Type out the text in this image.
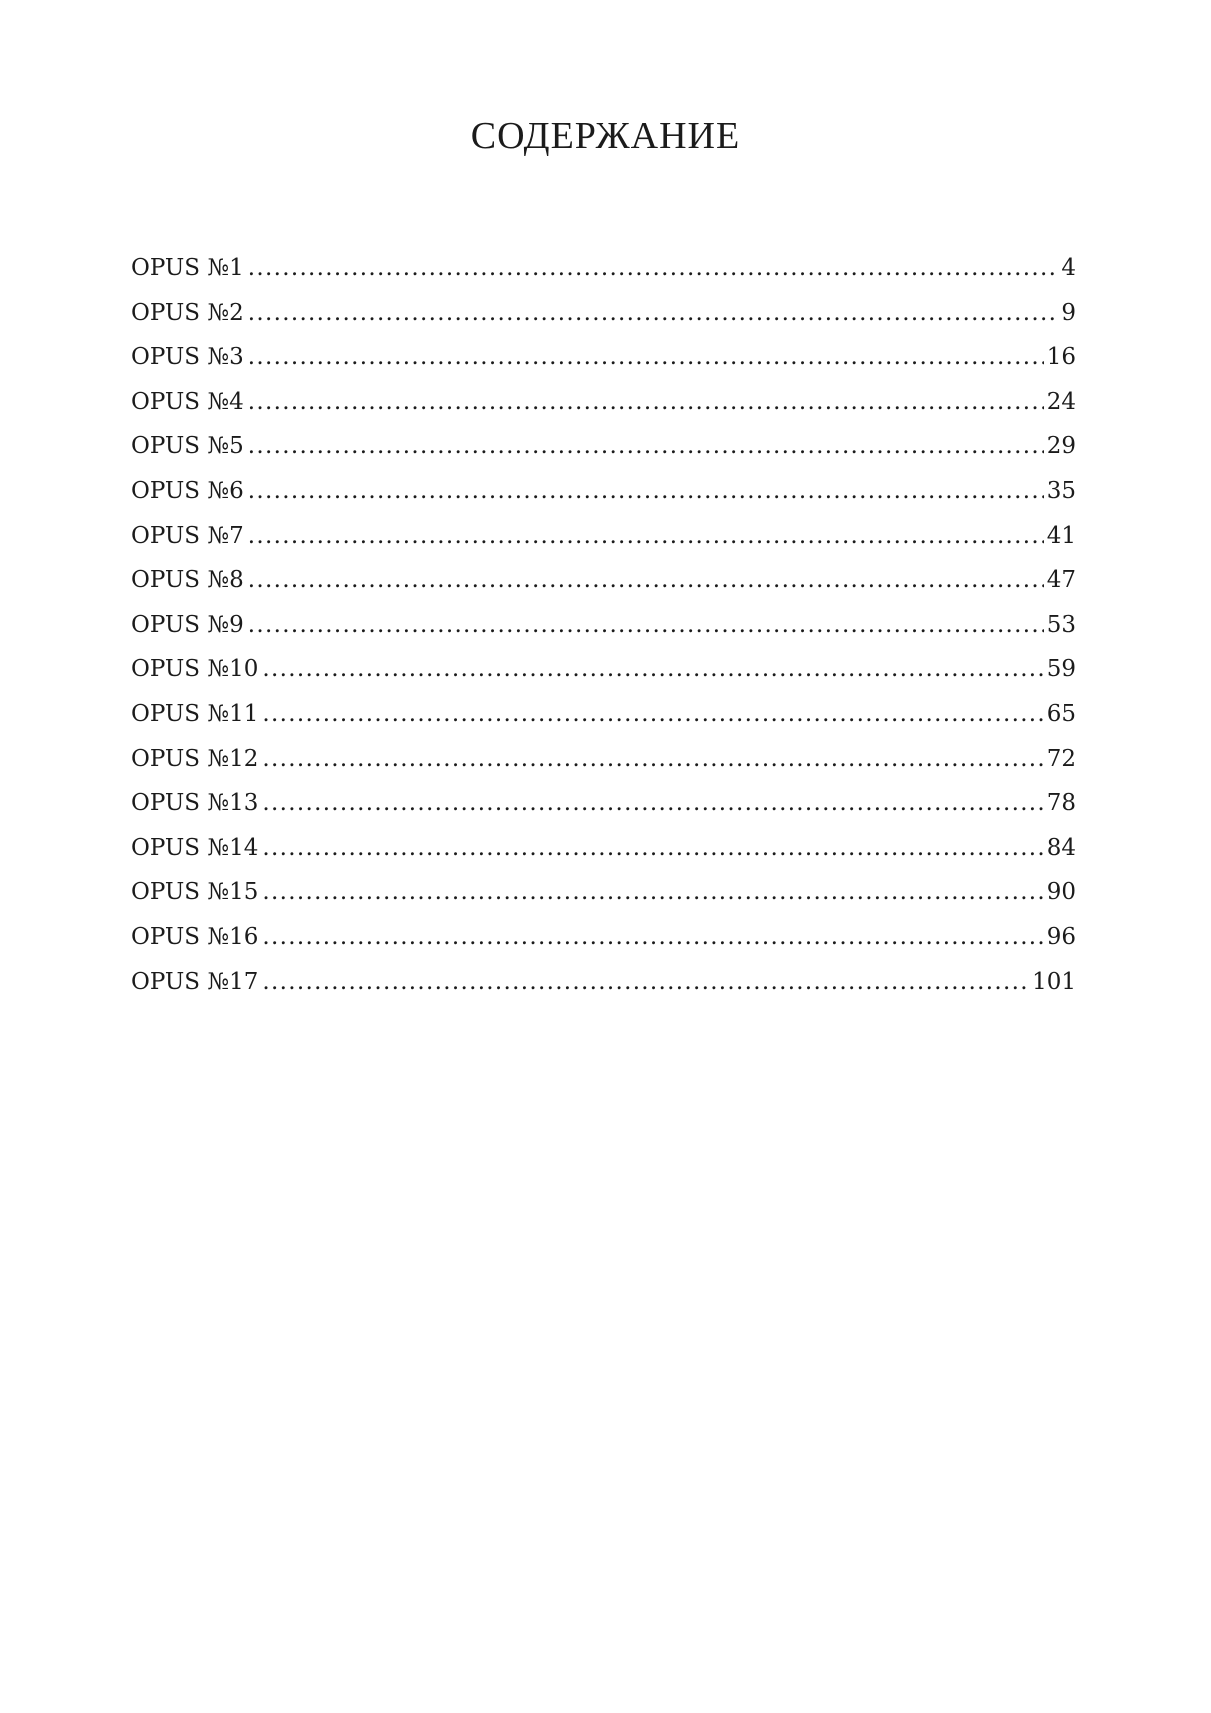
СОДЕРЖАНИЕ
OPUS №1 .....	4
OPUS №2 .....	9
OPUS №3 .....	16
OPUS №4 .....	24
OPUS №5 .....	29
OPUS №6 .....	35
OPUS №7 .....	41
OPUS №8 .....	47
OPUS №9 .....	53
OPUS №10 .....	59
OPUS №11 .....	65
OPUS №12 .....	72
OPUS №13 .....	78
OPUS №14 .....	84
OPUS №15 .....	90
OPUS №16 .....	96
OPUS №17 .....	101
